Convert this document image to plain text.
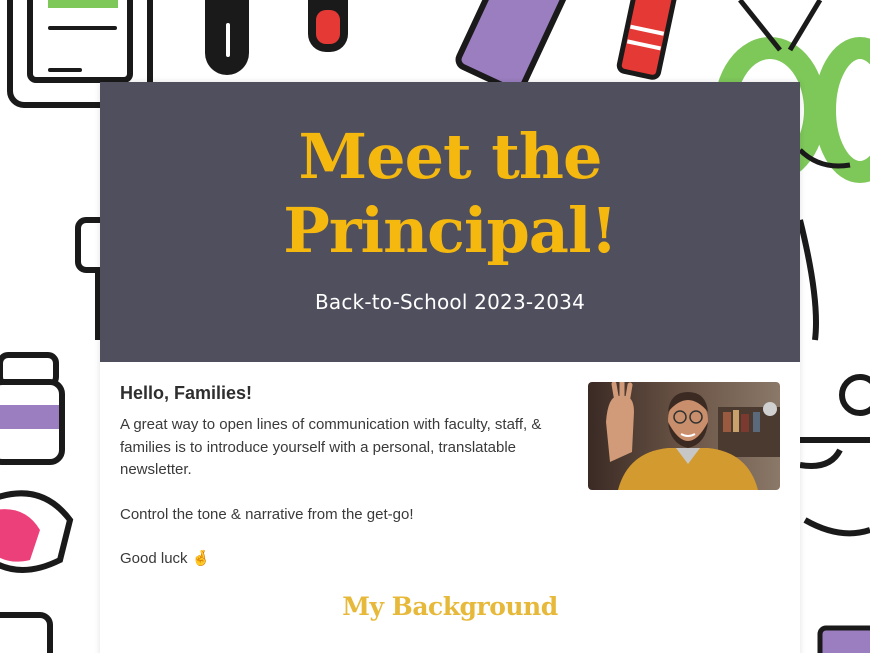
Meet the
Principal!
Back-to-School 2023-2034
Hello, Families!

A great way to open lines of communication with faculty, staff, & families is to introduce yourself with a personal, translatable newsletter.

Control the tone & narrative from the get-go!

Good luck 🤞

My Background
